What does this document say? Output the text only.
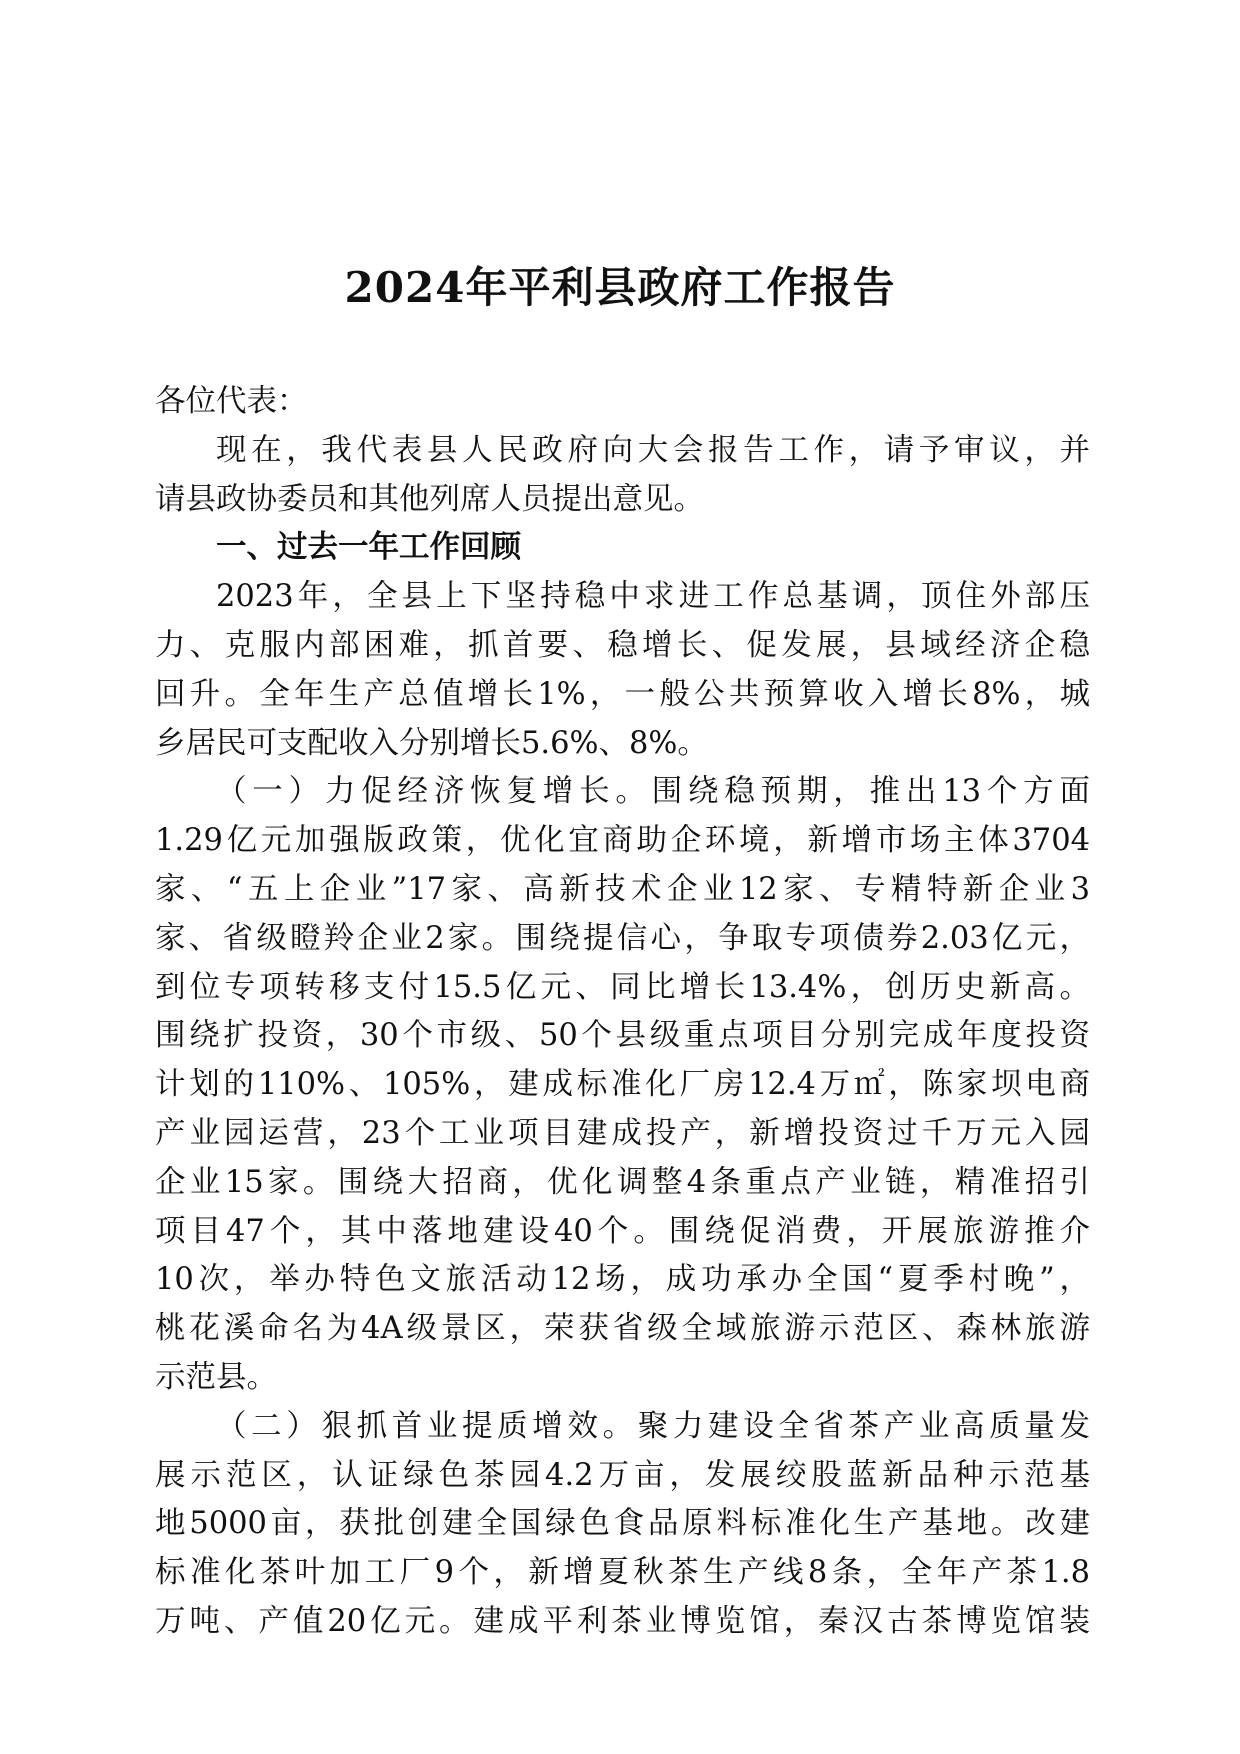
2024年平利县政府工作报告
各位代表：
现在，我代表县人民政府向大会报告工作，请予审议，并
请县政协委员和其他列席人员提出意见。
一、过去一年工作回顾
2023年，全县上下坚持稳中求进工作总基调，顶住外部压
力、克服内部困难，抓首要、稳增长、促发展，县域经济企稳
回升。全年生产总值增长1%，一般公共预算收入增长8%，城
乡居民可支配收入分别增长5.6%、8%。
（一）力促经济恢复增长。围绕稳预期，推出13个方面
1.29亿元加强版政策，优化宜商助企环境，新增市场主体3704
家、“五上企业”17家、高新技术企业12家、专精特新企业3
家、省级瞪羚企业2家。围绕提信心，争取专项债券2.03亿元，
到位专项转移支付15.5亿元、同比增长13.4%，创历史新高。
围绕扩投资，30个市级、50个县级重点项目分别完成年度投资
计划的110%、105%，建成标准化厂房12.4万㎡，陈家坝电商
产业园运营，23个工业项目建成投产，新增投资过千万元入园
企业15家。围绕大招商，优化调整4条重点产业链，精准招引
项目47个，其中落地建设40个。围绕促消费，开展旅游推介
10次，举办特色文旅活动12场，成功承办全国“夏季村晚”，
桃花溪命名为4A级景区，荣获省级全域旅游示范区、森林旅游
示范县。
（二）狠抓首业提质增效。聚力建设全省茶产业高质量发
展示范区，认证绿色茶园4.2万亩，发展绞股蓝新品种示范基
地5000亩，获批创建全国绿色食品原料标准化生产基地。改建
标准化茶叶加工厂9个，新增夏秋茶生产线8条，全年产茶1.8
万吨、产值20亿元。建成平利茶业博览馆，秦汉古茶博览馆装
